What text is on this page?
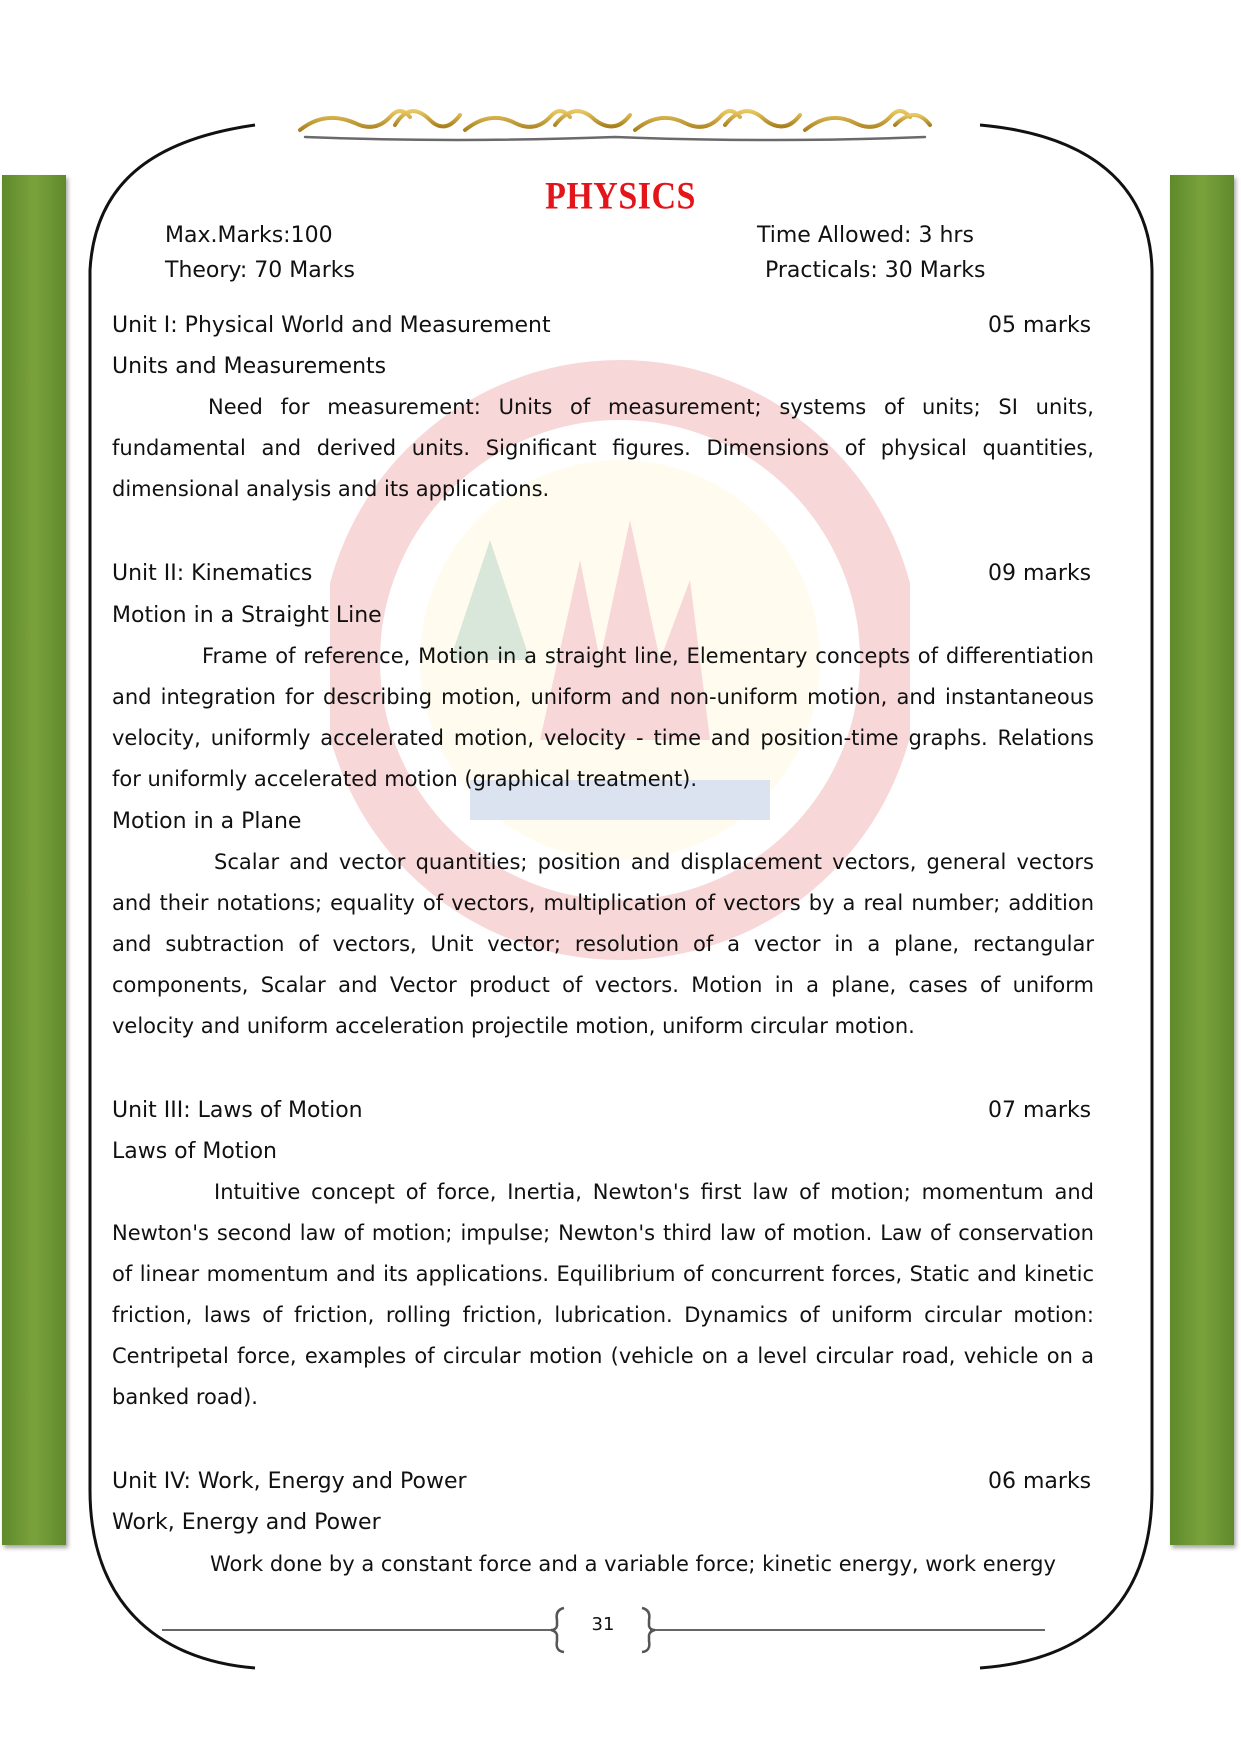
PHYSICS
Max.Marks:100	Time Allowed: 3 hrs
Theory: 70 Marks	Practicals: 30 Marks
Unit I: Physical World and Measurement	05 marks
Units and Measurements
Need for measurement: Units of measurement; systems of units; SI units, fundamental and derived units. Significant figures. Dimensions of physical quantities, dimensional analysis and its applications.
Unit II: Kinematics	09 marks
Motion in a Straight Line
Frame of reference, Motion in a straight line, Elementary concepts of differentiation and integration for describing motion, uniform and non-uniform motion, and instantaneous velocity, uniformly accelerated motion, velocity - time and position-time graphs. Relations for uniformly accelerated motion (graphical treatment).
Motion in a Plane
Scalar and vector quantities; position and displacement vectors, general vectors and their notations; equality of vectors, multiplication of vectors by a real number; addition and subtraction of vectors, Unit vector; resolution of a vector in a plane, rectangular components, Scalar and Vector product of vectors. Motion in a plane, cases of uniform velocity and uniform acceleration projectile motion, uniform circular motion.
Unit III: Laws of Motion	07 marks
Laws of Motion
Intuitive concept of force, Inertia, Newton's first law of motion; momentum and Newton's second law of motion; impulse; Newton's third law of motion. Law of conservation of linear momentum and its applications. Equilibrium of concurrent forces, Static and kinetic friction, laws of friction, rolling friction, lubrication. Dynamics of uniform circular motion: Centripetal force, examples of circular motion (vehicle on a level circular road, vehicle on a banked road).
Unit IV: Work, Energy and Power	06 marks
Work, Energy and Power
Work done by a constant force and a variable force; kinetic energy, work energy
31
